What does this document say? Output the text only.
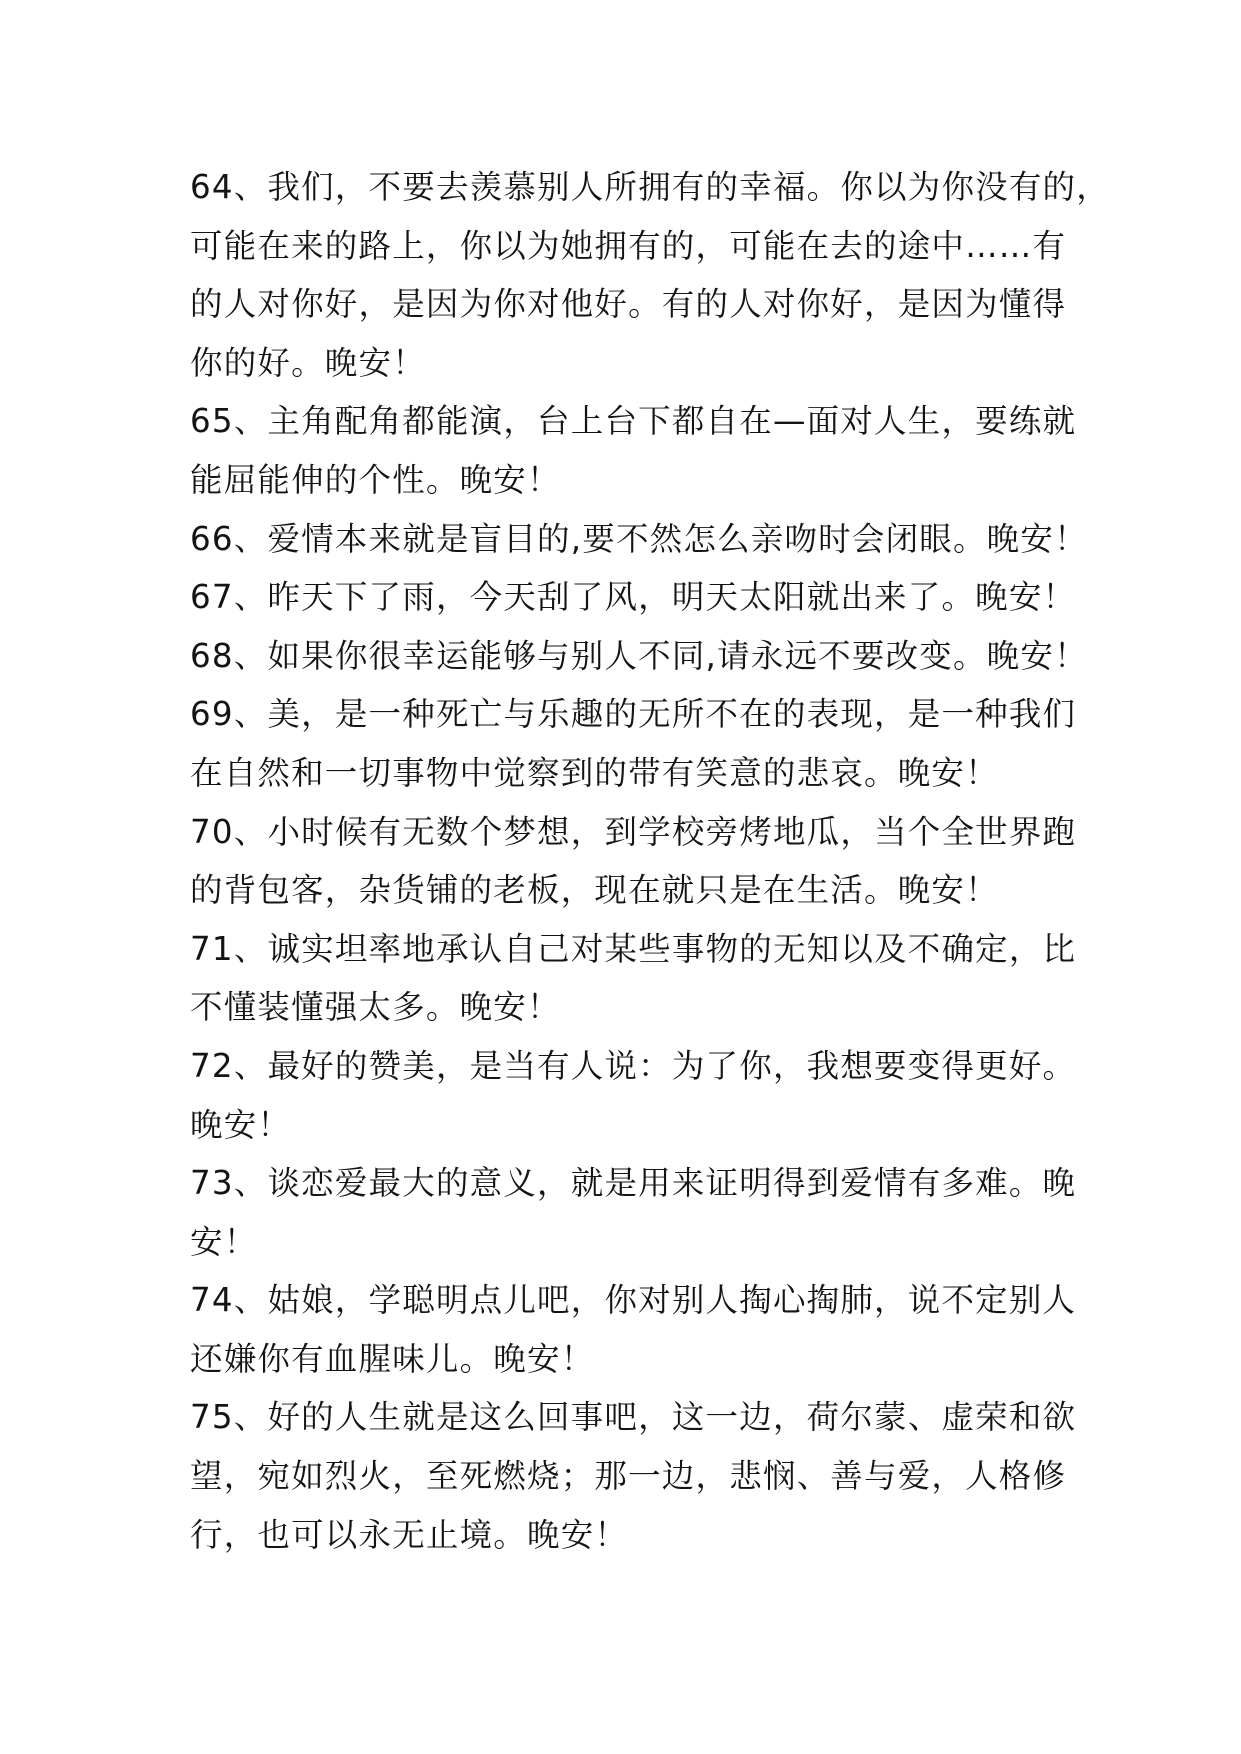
64、我们，不要去羡慕别人所拥有的幸福。你以为你没有的，
可能在来的路上，你以为她拥有的，可能在去的途中……有
的人对你好，是因为你对他好。有的人对你好，是因为懂得
你的好。晚安！
65、主角配角都能演，台上台下都自在—面对人生，要练就
能屈能伸的个性。晚安！
66、爱情本来就是盲目的,要不然怎么亲吻时会闭眼。晚安！
67、昨天下了雨，今天刮了风，明天太阳就出来了。晚安！
68、如果你很幸运能够与别人不同,请永远不要改变。晚安！
69、美，是一种死亡与乐趣的无所不在的表现，是一种我们
在自然和一切事物中觉察到的带有笑意的悲哀。晚安！
70、小时候有无数个梦想，到学校旁烤地瓜，当个全世界跑
的背包客，杂货铺的老板，现在就只是在生活。晚安！
71、诚实坦率地承认自己对某些事物的无知以及不确定，比
不懂装懂强太多。晚安！
72、最好的赞美，是当有人说：为了你，我想要变得更好。
晚安！
73、谈恋爱最大的意义，就是用来证明得到爱情有多难。晚
安！
74、姑娘，学聪明点儿吧，你对别人掏心掏肺，说不定别人
还嫌你有血腥味儿。晚安！
75、好的人生就是这么回事吧，这一边，荷尔蒙、虚荣和欲
望，宛如烈火，至死燃烧；那一边，悲悯、善与爱，人格修
行，也可以永无止境。晚安！
